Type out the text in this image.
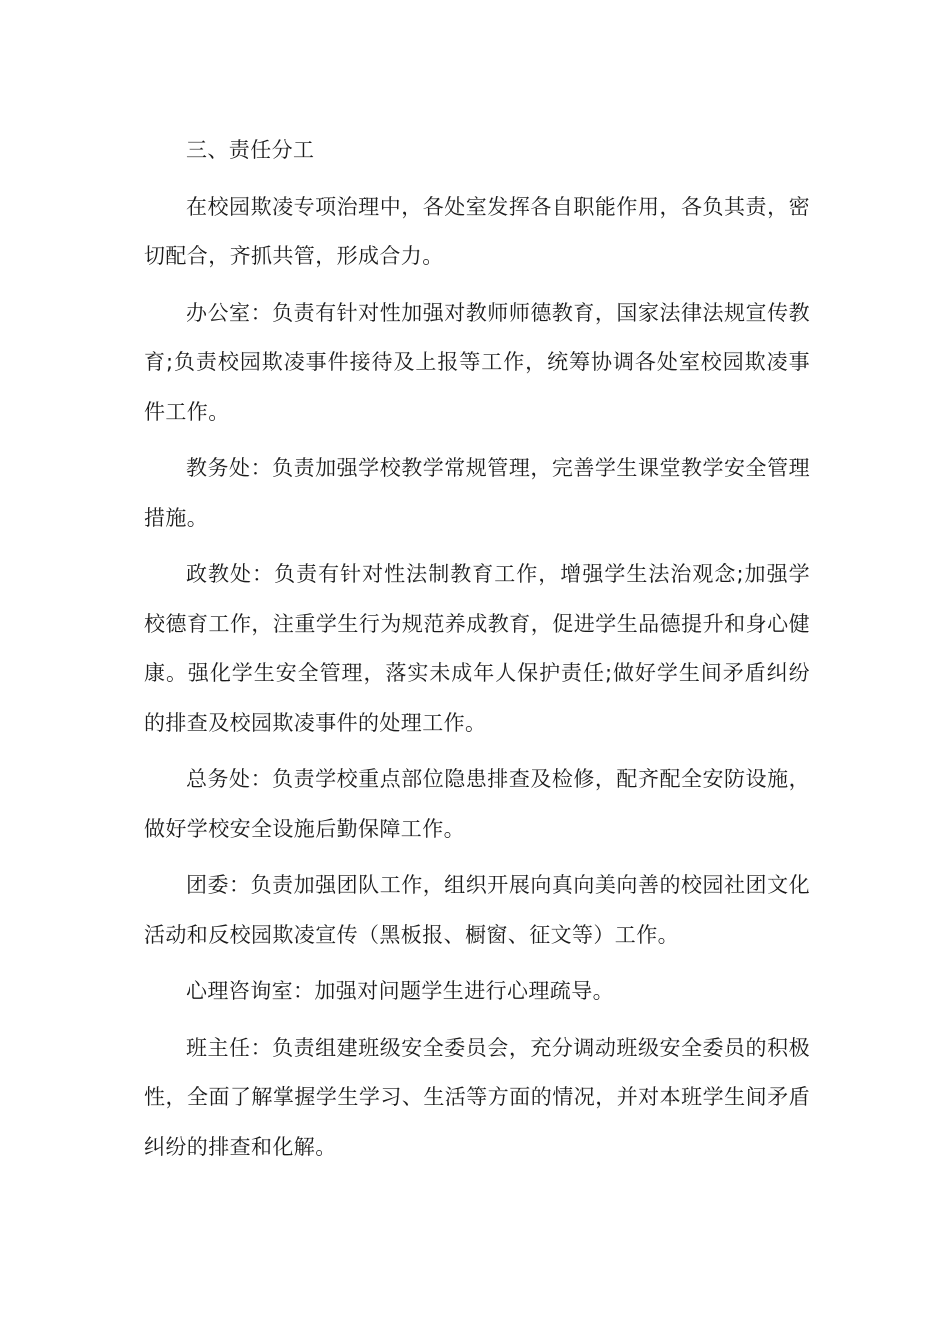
三、责任分工

在校园欺凌专项治理中，各处室发挥各自职能作用，各负其责，密切配合，齐抓共管，形成合力。

办公室：负责有针对性加强对教师师德教育，国家法律法规宣传教育;负责校园欺凌事件接待及上报等工作，统筹协调各处室校园欺凌事件工作。

教务处：负责加强学校教学常规管理，完善学生课堂教学安全管理措施。

政教处：负责有针对性法制教育工作，增强学生法治观念;加强学校德育工作，注重学生行为规范养成教育，促进学生品德提升和身心健康。强化学生安全管理，落实未成年人保护责任;做好学生间矛盾纠纷的排查及校园欺凌事件的处理工作。

总务处：负责学校重点部位隐患排查及检修，配齐配全安防设施，做好学校安全设施后勤保障工作。

团委：负责加强团队工作，组织开展向真向美向善的校园社团文化活动和反校园欺凌宣传（黑板报、橱窗、征文等）工作。

心理咨询室：加强对问题学生进行心理疏导。

班主任：负责组建班级安全委员会，充分调动班级安全委员的积极性，全面了解掌握学生学习、生活等方面的情况，并对本班学生间矛盾纠纷的排查和化解。
